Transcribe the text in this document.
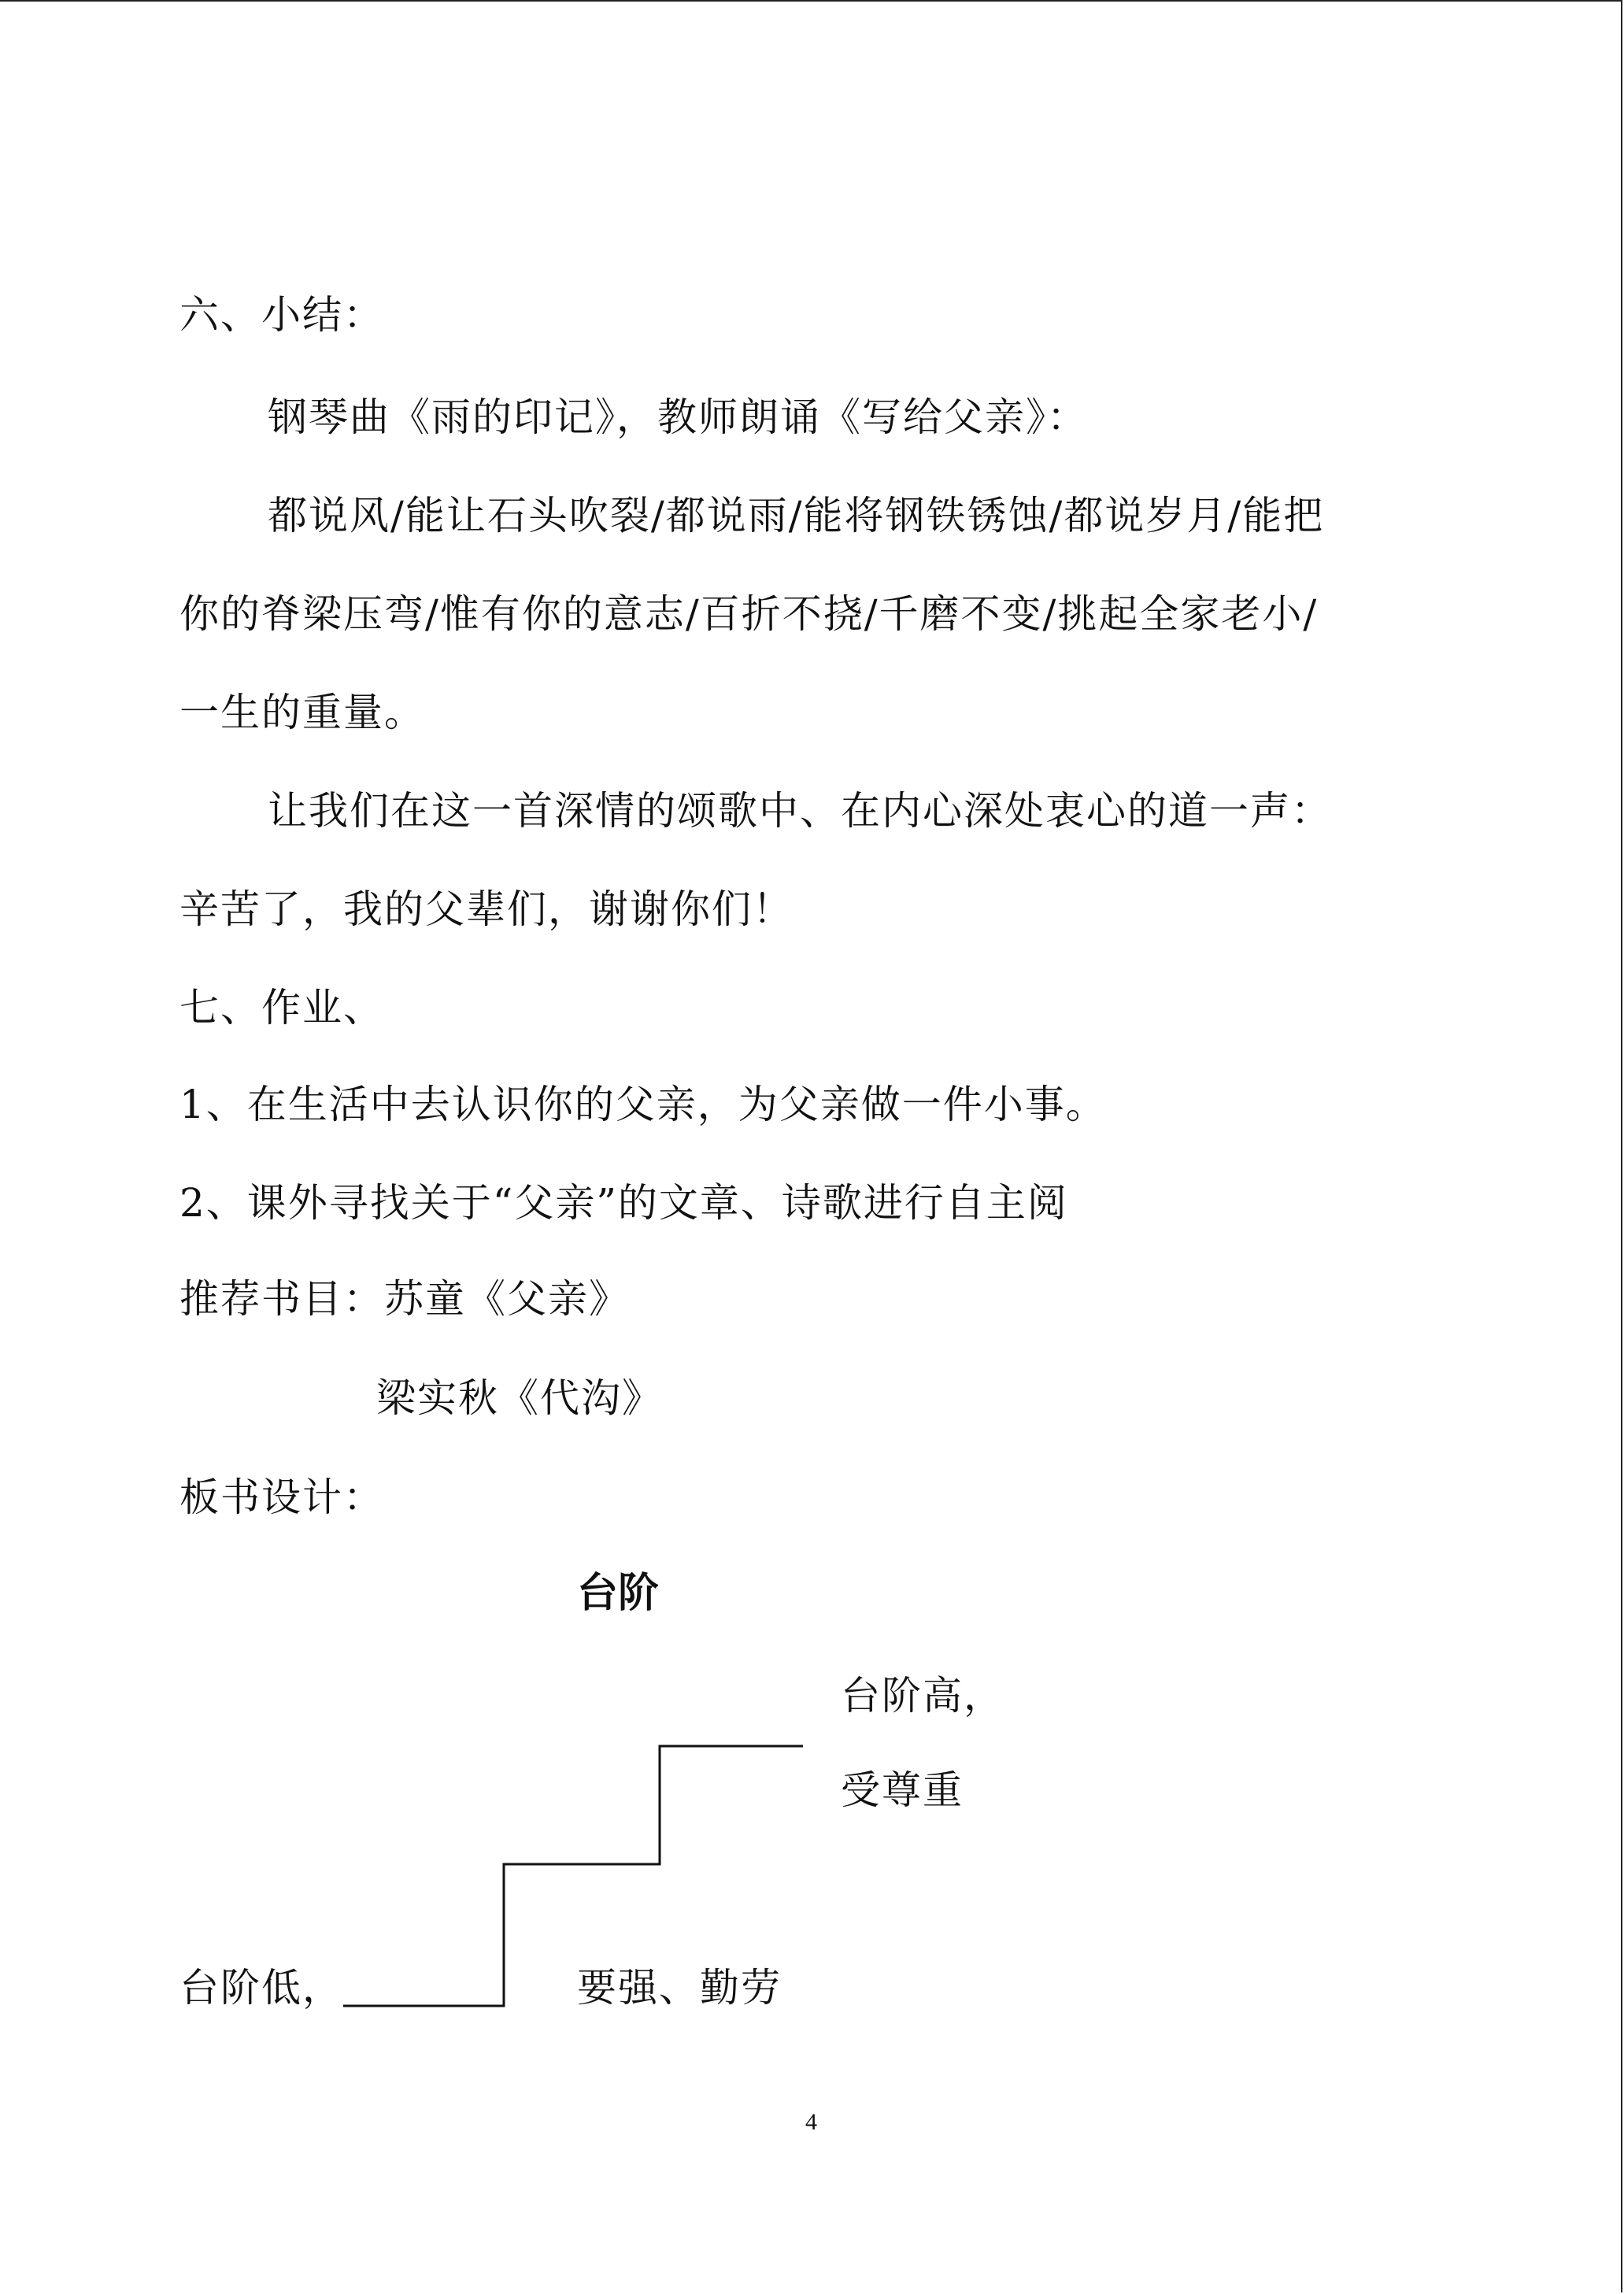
六、小结：
钢琴曲《雨的印记》，教师朗诵《写给父亲》：
都说风/能让石头吹裂/都说雨/能将钢铁锈蚀/都说岁月/能把
你的脊梁压弯/惟有你的意志/百折不挠/千磨不变/挑起全家老小/
一生的重量。
让我们在这一首深情的颂歌中、在内心深处衷心的道一声：
辛苦了，我的父辈们，谢谢你们！
七、作业、
1、在生活中去认识你的父亲，为父亲做一件小事。
2、课外寻找关于“父亲”的文章、诗歌进行自主阅
推荐书目：苏童《父亲》
梁实秋《代沟》
板书设计：
台阶
台阶高，
受尊重
台阶低，	要强、勤劳
4
